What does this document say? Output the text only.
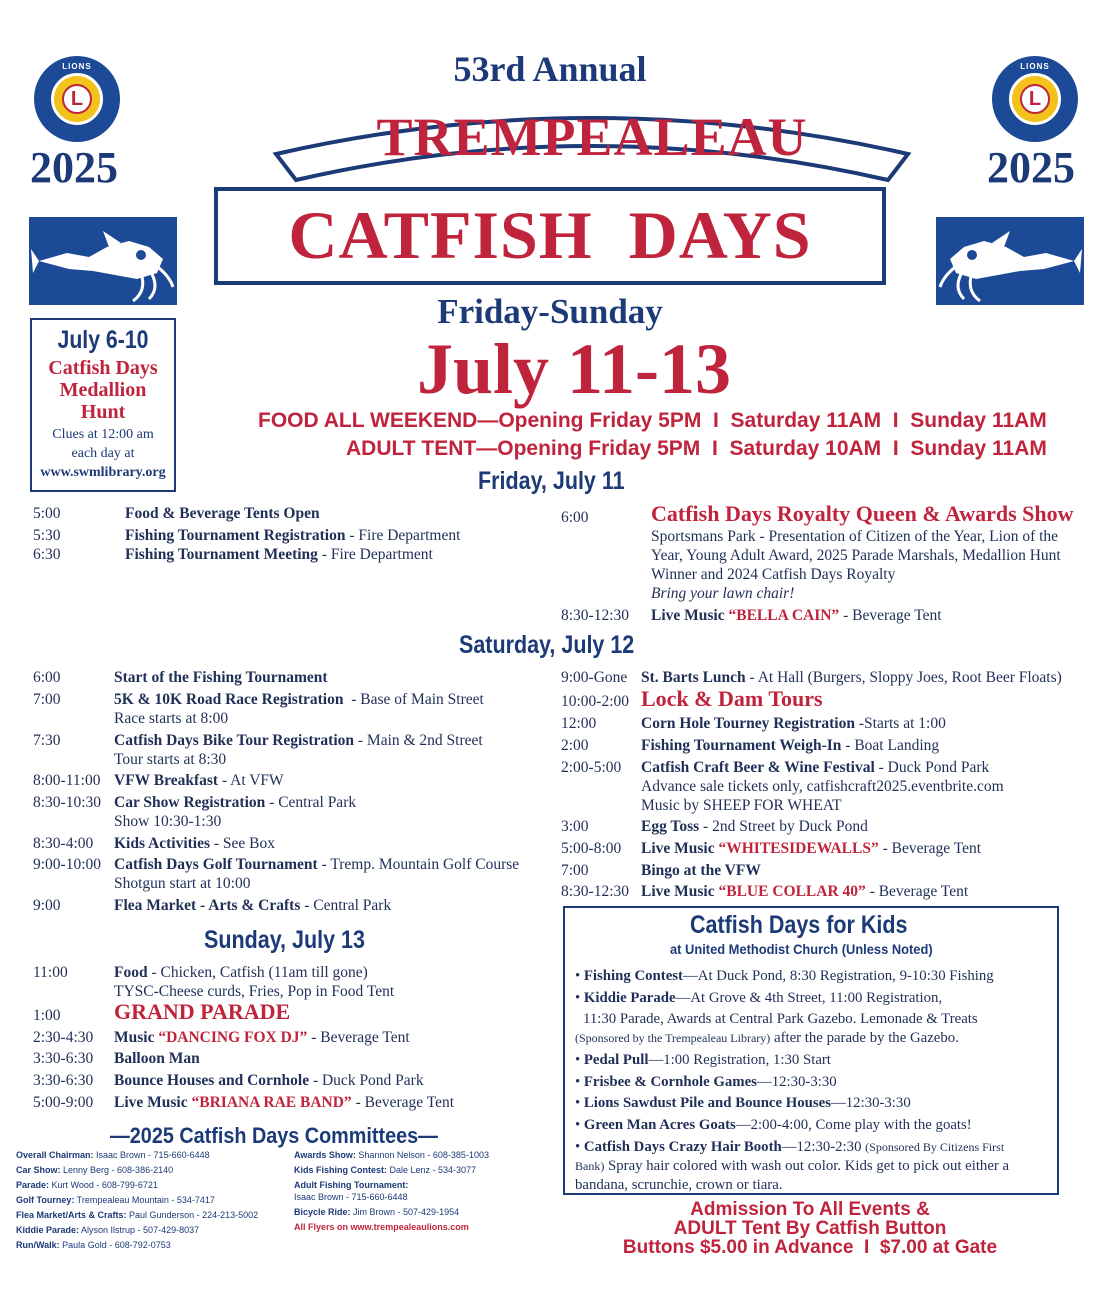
LIONS
L
2025
LIONS
L
2025
53rd Annual
TREMPEALEAU
CATFISH  DAYS
Friday-Sunday
July 11-13
FOOD ALL WEEKEND—Opening Friday 5PM  I  Saturday 11AM  I  Sunday 11AM
ADULT TENT—Opening Friday 5PM  I  Saturday 10AM  I  Sunday 11AM
July 6-10
Catfish Days
Medallion
Hunt
Clues at 12:00 am
each day at
www.swmlibrary.org	Friday, July 11
5:00	Food & Beverage Tents Open
5:30	Fishing Tournament Registration - Fire Department
6:30	Fishing Tournament Meeting - Fire Department
6:00	Catfish Days Royalty Queen & Awards Show
Sportsmans Park - Presentation of Citizen of the Year, Lion of the
Year, Young Adult Award, 2025 Parade Marshals, Medallion Hunt
Winner and 2024 Catfish Days Royalty
Bring your lawn chair!
8:30-12:30 Live Music “BELLA CAIN” - Beverage Tent
Saturday, July 12
6:00	Start of the Fishing Tournament
7:00	5K & 10K Road Race Registration  - Base of Main Street
Race starts at 8:00
7:30	Catfish Days Bike Tour Registration - Main & 2nd Street
Tour starts at 8:30
8:00-11:00 VFW Breakfast - At VFW
8:30-10:30 Car Show Registration - Central Park
Show 10:30-1:30
8:30-4:00 Kids Activities - See Box
9:00-10:00 Catfish Days Golf Tournament - Tremp. Mountain Golf Course
Shotgun start at 10:00
9:00	Flea Market - Arts & Crafts - Central Park
9:00-Gone St. Barts Lunch - At Hall (Burgers, Sloppy Joes, Root Beer Floats)
10:00-2:00 Lock & Dam Tours
12:00	Corn Hole Tourney Registration -Starts at 1:00
2:00	Fishing Tournament Weigh-In - Boat Landing
2:00-5:00 Catfish Craft Beer & Wine Festival - Duck Pond Park
Advance sale tickets only, catfishcraft2025.eventbrite.com
Music by SHEEP FOR WHEAT
3:00	Egg Toss - 2nd Street by Duck Pond
5:00-8:00 Live Music “WHITESIDEWALLS” - Beverage Tent
7:00	Bingo at the VFW
8:30-12:30 Live Music “BLUE COLLAR 40” - Beverage Tent
Sunday, July 13
11:00	Food - Chicken, Catfish (11am till gone)
TYSC-Cheese curds, Fries, Pop in Food Tent
1:00 GRAND PARADE
2:30-4:30 Music “DANCING FOX DJ” - Beverage Tent
3:30-6:30 Balloon Man
3:30-6:30 Bounce Houses and Cornhole - Duck Pond Park
5:00-9:00 Live Music “BRIANA RAE BAND” - Beverage Tent
—2025 Catfish Days Committees—
Overall Chairman: Isaac Brown - 715-660-6448
Car Show: Lenny Berg - 608-386-2140
Parade: Kurt Wood - 608-799-6721
Golf Tourney: Trempealeau Mountain - 534-7417
Flea Market/Arts & Crafts: Paul Gunderson - 224-213-5002
Kiddie Parade: Alyson Ilstrup - 507-429-8037
Run/Walk: Paula Gold - 608-792-0753
Awards Show: Shannon Nelson - 608-385-1003
Kids Fishing Contest: Dale Lenz - 534-3077
Adult Fishing Tournament:
Isaac Brown - 715-660-6448
Bicycle Ride: Jim Brown - 507-429-1954
All Flyers on www.trempealeaulions.com
Catfish Days for Kids
at United Methodist Church (Unless Noted)
• Fishing Contest—At Duck Pond, 8:30 Registration, 9-10:30 Fishing
• Kiddie Parade—At Grove & 4th Street, 11:00 Registration,
11:30 Parade, Awards at Central Park Gazebo. Lemonade & Treats
(Sponsored by the Trempealeau Library) after the parade by the Gazebo.
• Pedal Pull—1:00 Registration, 1:30 Start
• Frisbee & Cornhole Games—12:30-3:30
• Lions Sawdust Pile and Bounce Houses—12:30-3:30
• Green Man Acres Goats—2:00-4:00, Come play with the goats!
• Catfish Days Crazy Hair Booth—12:30-2:30 (Sponsored By Citizens First
Bank) Spray hair colored with wash out color. Kids get to pick out either a
bandana, scrunchie, crown or tiara.
Admission To All Events &
ADULT Tent By Catfish Button
Buttons $5.00 in Advance  I  $7.00 at Gate
